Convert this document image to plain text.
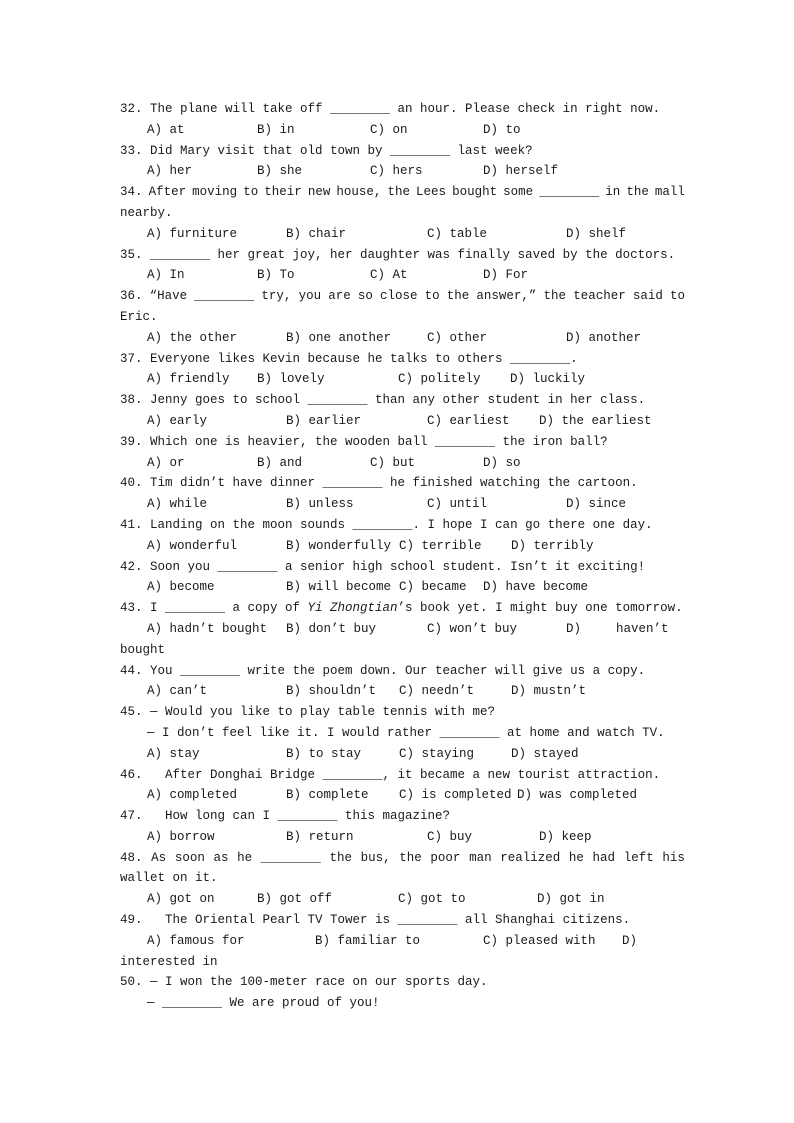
32. The plane will take off ________ an hour. Please check in right now.
A) at	B) in	C) on	D) to
33. Did Mary visit that old town by ________ last week?
A) her	B) she	C) hers	D) herself
34. After moving to their new house, the Lees bought some ________ in the mall
nearby.
A) furniture	B) chair	C) table	D) shelf
35. ________ her great joy, her daughter was finally saved by the doctors.
A) In	B) To	C) At	D) For
36. “Have ________ try, you are so close to the answer,” the teacher said to
Eric.
A) the other	B) one another	C) other	D) another
37. Everyone likes Kevin because he talks to others ________.
A) friendly B) lovely	C) politely D) luckily
38. Jenny goes to school ________ than any other student in her class.
A) early	B) earlier	C) earliest D) the earliest
39. Which one is heavier, the wooden ball ________ the iron ball?
A) or	B) and	C) but	D) so
40. Tim didn’t have dinner ________ he finished watching the cartoon.
A) while	B) unless	C) until	D) since
41. Landing on the moon sounds ________. I hope I can go there one day.
A) wonderful	B) wonderfully C) terrible D) terribly
42. Soon you ________ a senior high school student. Isn’t it exciting!
A) become	B) will become C) became D) have become
43. I ________ a copy of Yi Zhongtian’s book yet. I might buy one tomorrow.
A) hadn’t bought B) don’t buy	C) won’t buy	D)	haven’t
bought
44. You ________ write the poem down. Our teacher will give us a copy.
A) can’t	B) shouldn’t C) needn’t	D) mustn’t
45. — Would you like to play table tennis with me?
— I don’t feel like it. I would rather ________ at home and watch TV.
A) stay	B) to stay	C) staying	D) stayed
46.   After Donghai Bridge ________, it became a new tourist attraction.
A) completed	B) complete C) is completed D) was completed
47.   How long can I ________ this magazine?
A) borrow	B) return	C) buy	D) keep
48. As soon as he ________ the bus, the poor man realized he had left his
wallet on it.
A) got on	B) got off	C) got to	D) got in
49.   The Oriental Pearl TV Tower is ________ all Shanghai citizens.
A) famous for	B) familiar to	C) pleased with D)
interested in
50. — I won the 100-meter race on our sports day.
— ________ We are proud of you!
